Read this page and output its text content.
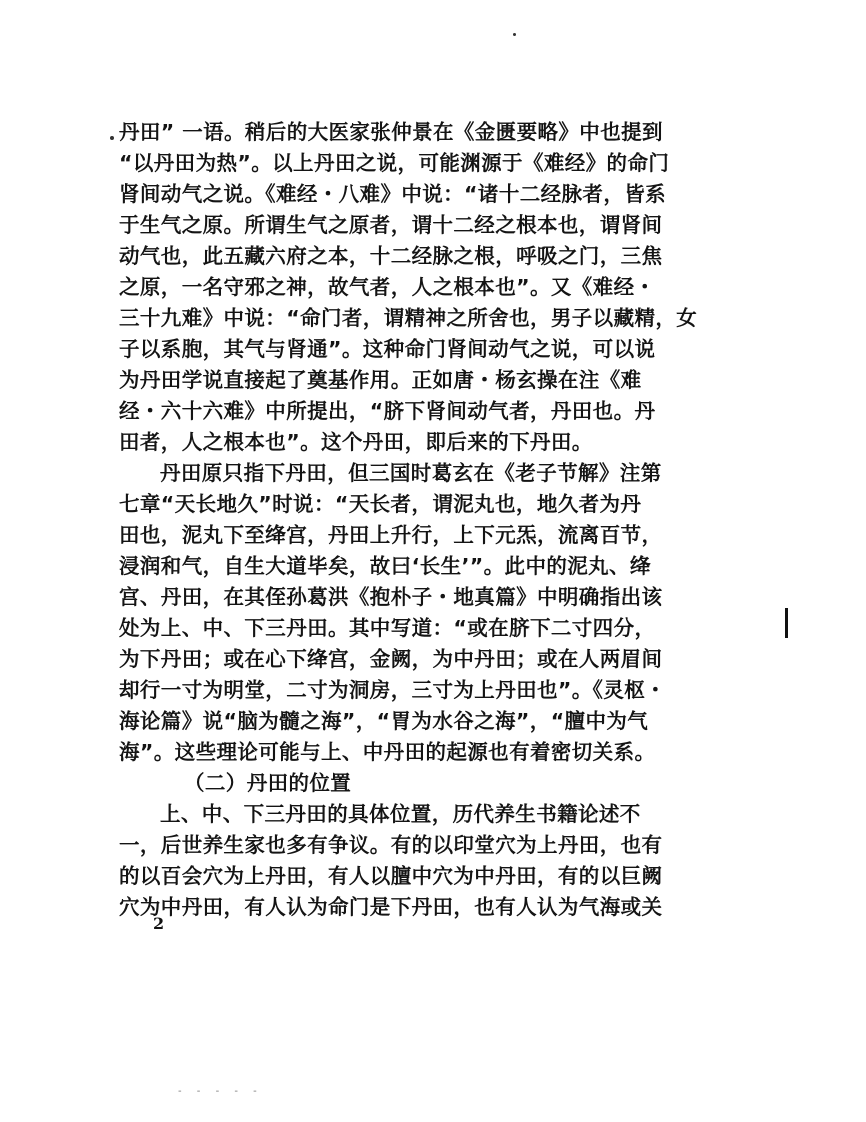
丹田” 一语。稍后的大医家张仲景在《金匮要略》中也提到
“以丹田为热”。以上丹田之说，可能渊源于《难经》的命门
肾间动气之说。《难经・八难》中说：“诸十二经脉者，皆系
于生气之原。所谓生气之原者，谓十二经之根本也，谓肾间
动气也，此五藏六府之本，十二经脉之根，呼吸之门，三焦
之原，一名守邪之神，故气者，人之根本也”。又《难经・
三十九难》中说：“命门者，谓精神之所舍也，男子以藏精，女
子以系胞，其气与肾通”。这种命门肾间动气之说，可以说
为丹田学说直接起了奠基作用。正如唐・杨玄操在注《难
经・六十六难》中所提出，“脐下肾间动气者，丹田也。丹
田者，人之根本也”。这个丹田，即后来的下丹田。
丹田原只指下丹田，但三国时葛玄在《老子节解》注第
七章“天长地久”时说：“天长者，谓泥丸也，地久者为丹
田也，泥丸下至绛宫，丹田上升行，上下元炁，流离百节，
浸润和气，自生大道毕矣，故曰‘长生’”。此中的泥丸、绛
宫、丹田，在其侄孙葛洪《抱朴子・地真篇》中明确指出该
处为上、中、下三丹田。其中写道：“或在脐下二寸四分，
为下丹田；或在心下绛宫，金阙，为中丹田；或在人两眉间
却行一寸为明堂，二寸为洞房，三寸为上丹田也”。《灵枢・
海论篇》说“脑为髓之海”，“胃为水谷之海”，“膻中为气
海”。这些理论可能与上、中丹田的起源也有着密切关系。
（二）丹田的位置
上、中、下三丹田的具体位置，历代养生书籍论述不
一，后世养生家也多有争议。有的以印堂穴为上丹田，也有
的以百会穴为上丹田，有人以膻中穴为中丹田，有的以巨阙
穴为中丹田，有人认为命门是下丹田，也有人认为气海或关
2
- - - - -
